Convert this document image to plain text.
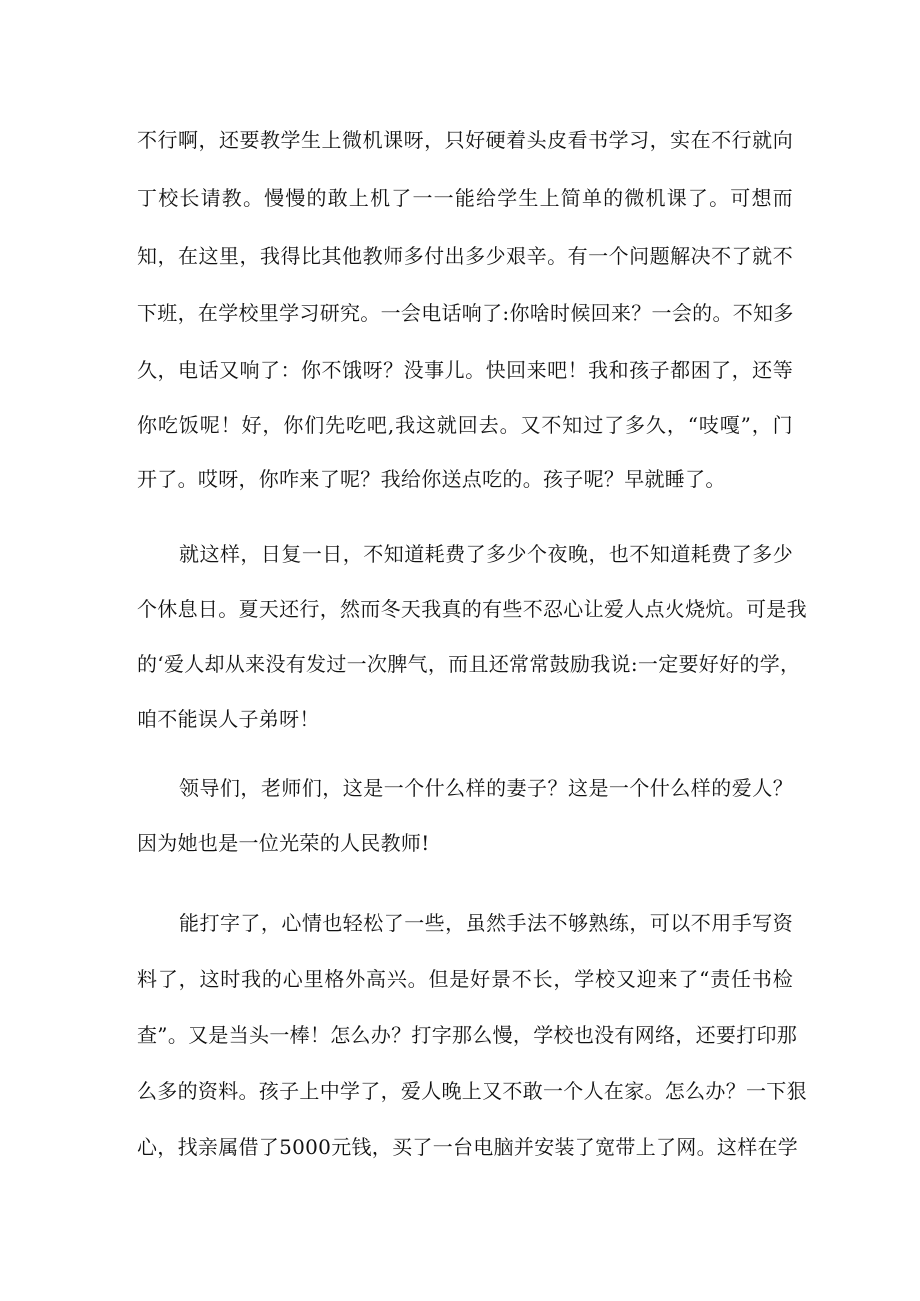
不行啊，还要教学生上微机课呀，只好硬着头皮看书学习，实在不行就向
丁校长请教。慢慢的敢上机了一一能给学生上简单的微机课了。可想而
知，在这里，我得比其他教师多付出多少艰辛。有一个问题解决不了就不
下班，在学校里学习研究。一会电话响了:你啥时候回来？一会的。不知多
久，电话又响了：你不饿呀？没事儿。快回来吧！我和孩子都困了，还等
你吃饭呢！好，你们先吃吧,我这就回去。又不知过了多久，“吱嘎”，门
开了。哎呀，你咋来了呢？我给你送点吃的。孩子呢？早就睡了。
就这样，日复一日，不知道耗费了多少个夜晚，也不知道耗费了多少
个休息日。夏天还行，然而冬天我真的有些不忍心让爱人点火烧炕。可是我
的‘爱人却从来没有发过一次脾气，而且还常常鼓励我说:一定要好好的学，
咱不能误人子弟呀！
领导们，老师们，这是一个什么样的妻子？这是一个什么样的爱人？
因为她也是一位光荣的人民教师!
能打字了，心情也轻松了一些，虽然手法不够熟练，可以不用手写资
料了，这时我的心里格外高兴。但是好景不长，学校又迎来了“责任书检
查”。又是当头一棒！怎么办？打字那么慢，学校也没有网络，还要打印那
么多的资料。孩子上中学了，爱人晚上又不敢一个人在家。怎么办？一下狠
心，找亲属借了5000元钱，买了一台电脑并安装了宽带上了网。这样在学
